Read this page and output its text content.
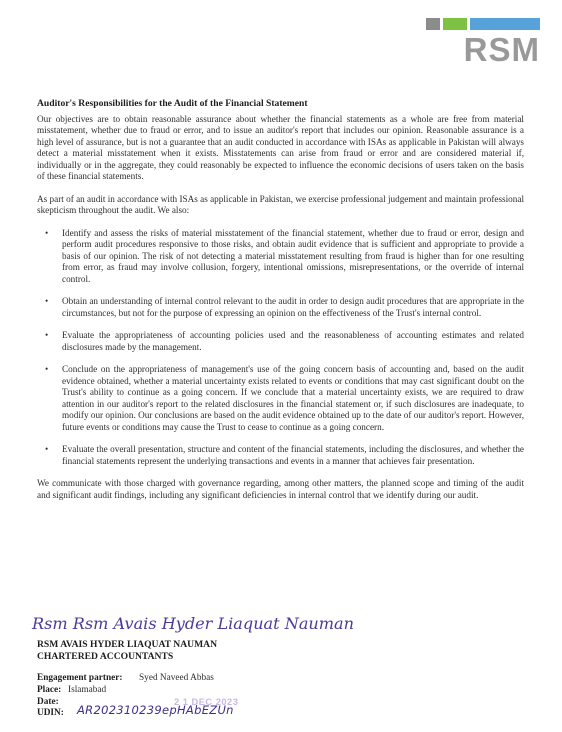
RSM
Auditor's Responsibilities for the Audit of the Financial Statement

Our objectives are to obtain reasonable assurance about whether the financial statements as a whole are free from material misstatement, whether due to fraud or error, and to issue an auditor's report that includes our opinion. Reasonable assurance is a high level of assurance, but is not a guarantee that an audit conducted in accordance with ISAs as applicable in Pakistan will always detect a material misstatement when it exists. Misstatements can arise from fraud or error and are considered material if, individually or in the aggregate, they could reasonably be expected to influence the economic decisions of users taken on the basis of these financial statements.

As part of an audit in accordance with ISAs as applicable in Pakistan, we exercise professional judgement and maintain professional skepticism throughout the audit. We also:

• Identify and assess the risks of material misstatement of the financial statement, whether due to fraud or error, design and perform audit procedures responsive to those risks, and obtain audit evidence that is sufficient and appropriate to provide a basis of our opinion. The risk of not detecting a material misstatement resulting from fraud is higher than for one resulting from error, as fraud may involve collusion, forgery, intentional omissions, misrepresentations, or the override of internal control.
• Obtain an understanding of internal control relevant to the audit in order to design audit procedures that are appropriate in the circumstances, but not for the purpose of expressing an opinion on the effectiveness of the Trust's internal control.
• Evaluate the appropriateness of accounting policies used and the reasonableness of accounting estimates and related disclosures made by the management.
• Conclude on the appropriateness of management's use of the going concern basis of accounting and, based on the audit evidence obtained, whether a material uncertainty exists related to events or conditions that may cast significant doubt on the Trust's ability to continue as a going concern. If we conclude that a material uncertainty exists, we are required to draw attention in our auditor's report to the related disclosures in the financial statement or, if such disclosures are inadequate, to modify our opinion. Our conclusions are based on the audit evidence obtained up to the date of our auditor's report. However, future events or conditions may cause the Trust to cease to continue as a going concern.
• Evaluate the overall presentation, structure and content of the financial statements, including the disclosures, and whether the financial statements represent the underlying transactions and events in a manner that achieves fair presentation.

We communicate with those charged with governance regarding, among other matters, the planned scope and timing of the audit and significant audit findings, including any significant deficiencies in internal control that we identify during our audit.

Rsm Rsm Avais Hyder Liaquat Nauman
RSM AVAIS HYDER LIAQUAT NAUMAN
CHARTERED ACCOUNTANTS
Engagement partner: Syed Naveed Abbas
Place: Islamabad
Date:	2 1 DEC 2023
UDIN: AR202310239epHAbEZUn
